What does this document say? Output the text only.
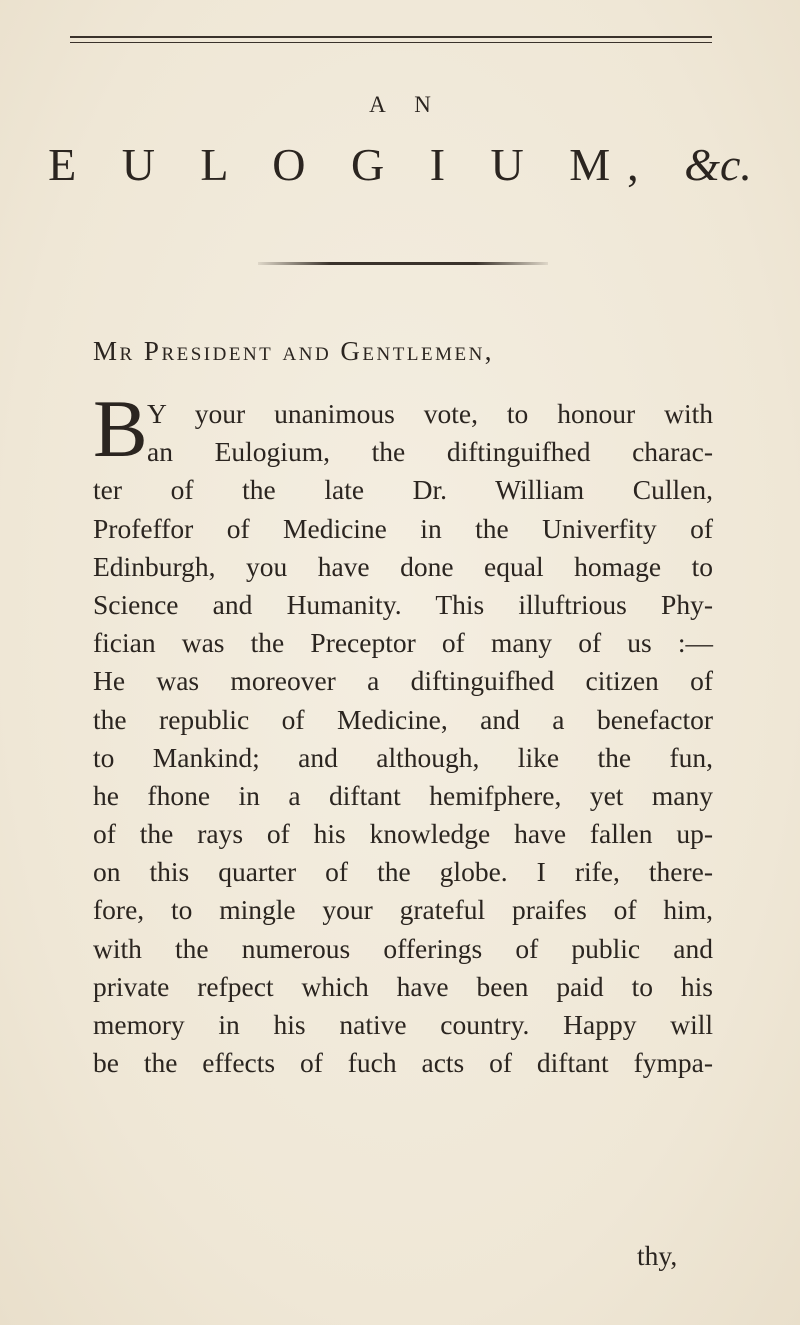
A N
E U L O G I U M, &c.
Mr President and Gentlemen,
B Y your unanimous vote, to honour with
an Eulogium, the diftinguifhed charac-
ter of the late Dr. William Cullen,
Profeffor of Medicine in the Univerfity of
Edinburgh, you have done equal homage to
Science and Humanity. This illuftrious Phy-
fician was the Preceptor of many of us :—
He was moreover a diftinguifhed citizen of
the republic of Medicine, and a benefactor
to Mankind; and although, like the fun,
he fhone in a diftant hemifphere, yet many
of the rays of his knowledge have fallen up-
on this quarter of the globe. I rife, there-
fore, to mingle your grateful praifes of him,
with the numerous offerings of public and
private refpect which have been paid to his
memory in his native country. Happy will
be the effects of fuch acts of diftant fympa-
thy,
